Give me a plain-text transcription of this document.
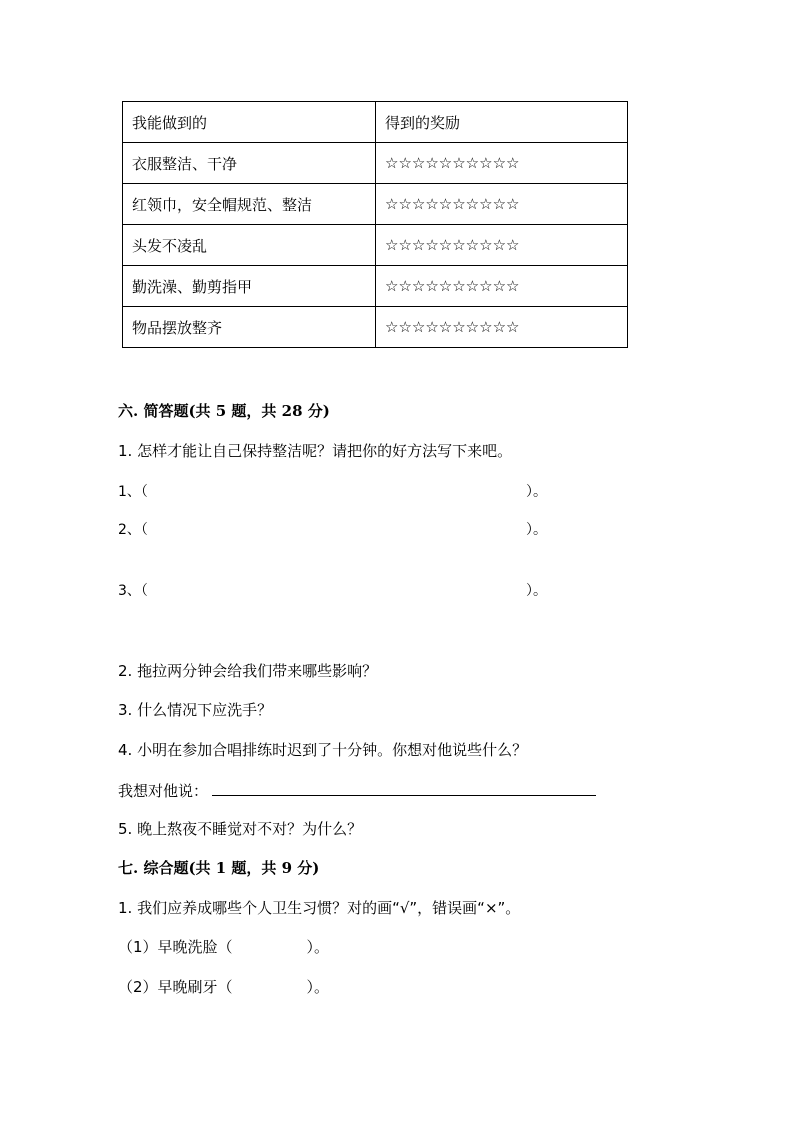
我能做到的	得到的奖励
衣服整洁、干净	☆☆☆☆☆☆☆☆☆☆
红领巾，安全帽规范、整洁	☆☆☆☆☆☆☆☆☆☆
头发不凌乱	☆☆☆☆☆☆☆☆☆☆
勤洗澡、勤剪指甲	☆☆☆☆☆☆☆☆☆☆
物品摆放整齐	☆☆☆☆☆☆☆☆☆☆
六. 简答题(共 5 题，共 28 分)
1. 怎样才能让自己保持整洁呢？请把你的好方法写下来吧。
1、（	）。
2、（	）。
3、（	）。
2. 拖拉两分钟会给我们带来哪些影响？
3. 什么情况下应洗手？
4. 小明在参加合唱排练时迟到了十分钟。你想对他说些什么？
我想对他说：
5. 晚上熬夜不睡觉对不对？为什么？
七. 综合题(共 1 题，共 9 分)
1. 我们应养成哪些个人卫生习惯？对的画“√”，错误画“×”。
（1）早晚洗脸（	）。
（2）早晚刷牙（	）。
